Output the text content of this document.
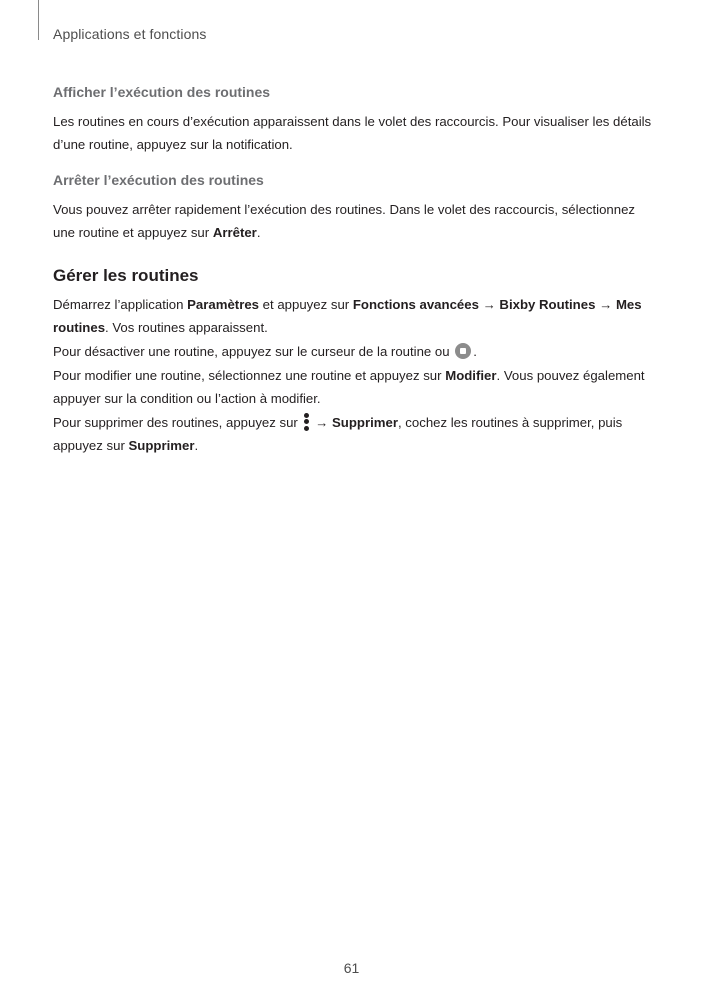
Applications et fonctions
Afficher l’exécution des routines

Les routines en cours d’exécution apparaissent dans le volet des raccourcis. Pour visualiser les détails d’une routine, appuyez sur la notification.

Arrêter l’exécution des routines

Vous pouvez arrêter rapidement l’exécution des routines. Dans le volet des raccourcis, sélectionnez une routine et appuyez sur Arrêter.

Gérer les routines

Démarrez l’application Paramètres et appuyez sur Fonctions avancées → Bixby Routines → Mes routines. Vos routines apparaissent.

Pour désactiver une routine, appuyez sur le curseur de la routine ou .

Pour modifier une routine, sélectionnez une routine et appuyez sur Modifier. Vous pouvez également appuyer sur la condition ou l’action à modifier.

Pour supprimer des routines, appuyez sur
→ Supprimer, cochez les routines à supprimer, puis appuyez sur Supprimer.

61
